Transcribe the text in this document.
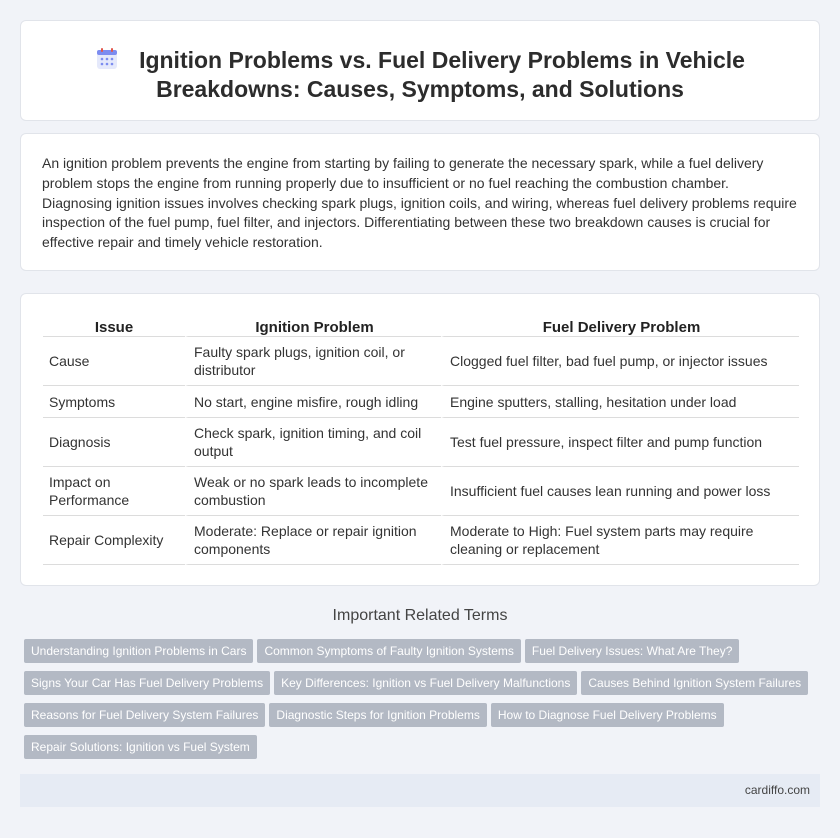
Ignition Problems vs. Fuel Delivery Problems in Vehicle Breakdowns: Causes, Symptoms, and Solutions

An ignition problem prevents the engine from starting by failing to generate the necessary spark, while a fuel delivery problem stops the engine from running properly due to insufficient or no fuel reaching the combustion chamber. Diagnosing ignition issues involves checking spark plugs, ignition coils, and wiring, whereas fuel delivery problems require inspection of the fuel pump, fuel filter, and injectors. Differentiating between these two breakdown causes is crucial for effective repair and timely vehicle restoration.

Issue	Ignition Problem	Fuel Delivery Problem
Cause	Faulty spark plugs, ignition coil, or distributor	Clogged fuel filter, bad fuel pump, or injector issues
Symptoms	No start, engine misfire, rough idling	Engine sputters, stalling, hesitation under load
Diagnosis	Check spark, ignition timing, and coil output	Test fuel pressure, inspect filter and pump function
Impact on Performance	Weak or no spark leads to incomplete combustion	Insufficient fuel causes lean running and power loss
Repair Complexity	Moderate: Replace or repair ignition components	Moderate to High: Fuel system parts may require cleaning or replacement
Important Related Terms
Understanding Ignition Problems in Cars Common Symptoms of Faulty Ignition Systems Fuel Delivery Issues: What Are They?
Signs Your Car Has Fuel Delivery Problems Key Differences: Ignition vs Fuel Delivery Malfunctions Causes Behind Ignition System Failures
Reasons for Fuel Delivery System Failures Diagnostic Steps for Ignition Problems How to Diagnose Fuel Delivery Problems
Repair Solutions: Ignition vs Fuel System
cardiffo.com
